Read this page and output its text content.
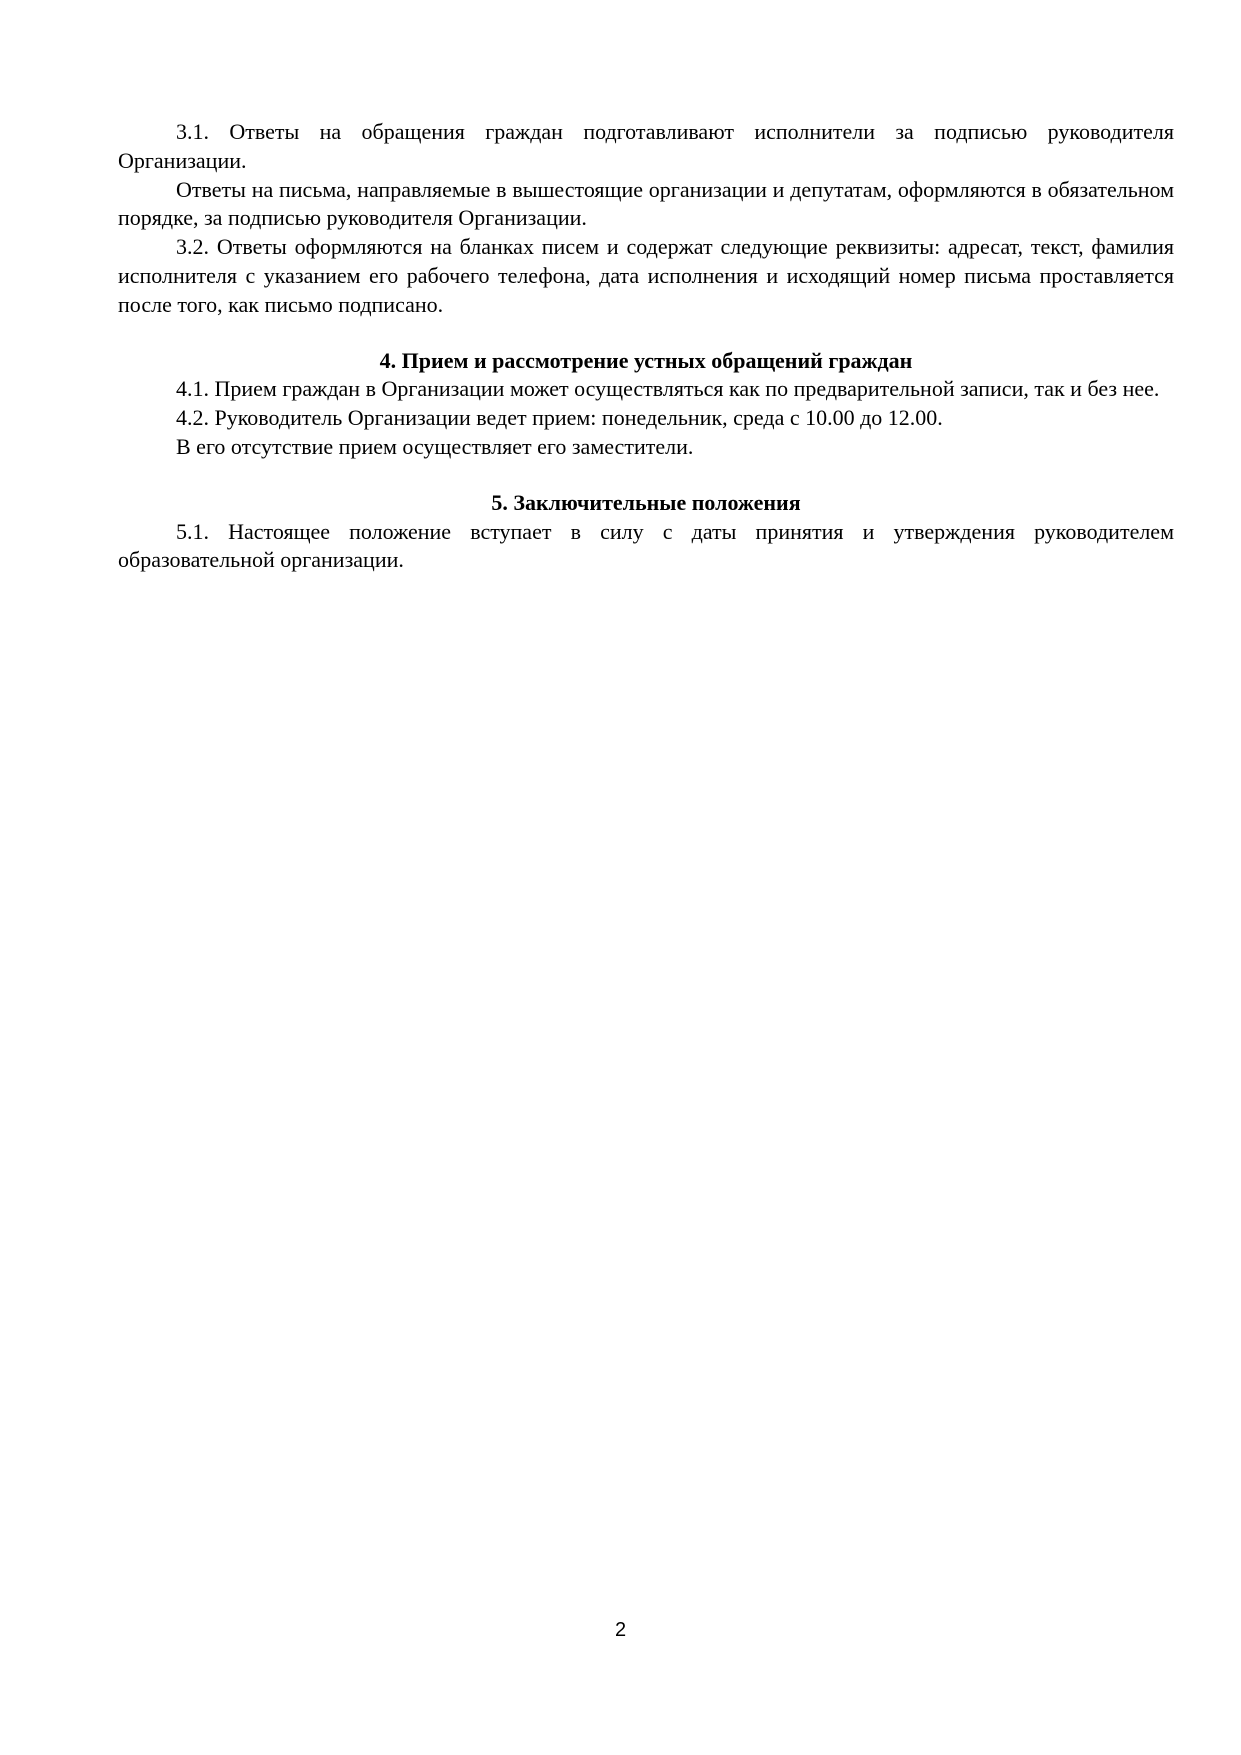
3.1. Ответы на обращения граждан подготавливают исполнители за подписью руководителя Организации.

Ответы на письма, направляемые в вышестоящие организации и депутатам, оформляются в обязательном порядке, за подписью руководителя Организации.

3.2. Ответы оформляются на бланках писем и содержат следующие реквизиты: адресат, текст, фамилия исполнителя с указанием его рабочего телефона, дата исполнения и исходящий номер письма проставляется после того, как письмо подписано.

4. Прием и рассмотрение устных обращений граждан

4.1. Прием граждан в Организации может осуществляться как по предварительной записи, так и без нее.

4.2. Руководитель Организации ведет прием: понедельник, среда с 10.00 до 12.00.

В его отсутствие прием осуществляет его заместители.

5. Заключительные положения

5.1. Настоящее положение вступает в силу с даты принятия и утверждения руководителем образовательной организации.

2
